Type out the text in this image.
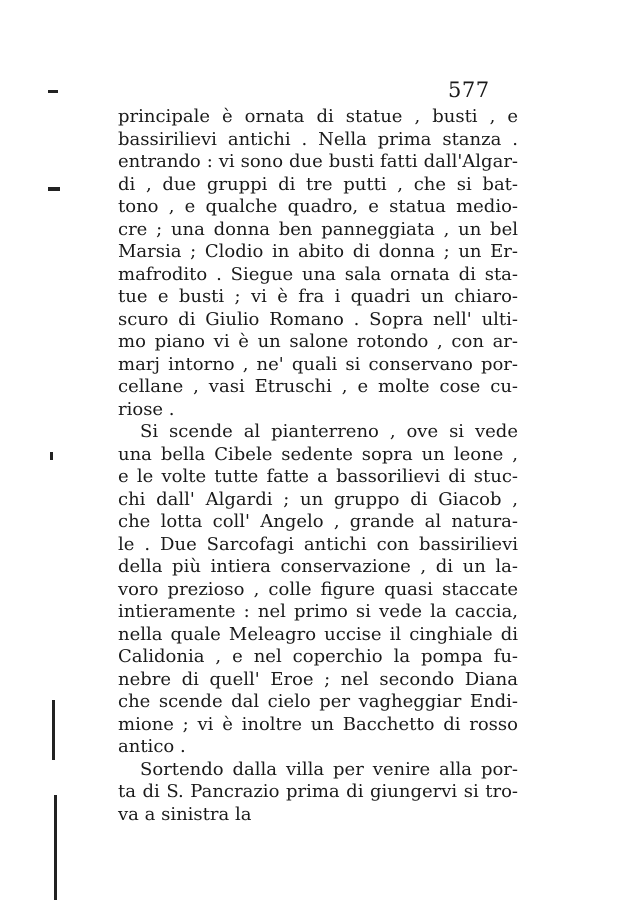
577
principale è ornata di statue , busti , e
bassirilievi antichi . Nella prima stanza .
entrando : vi sono due busti fatti dall'Algar-
di , due gruppi di tre putti , che si bat-
tono , e qualche quadro, e statua medio-
cre ; una donna ben panneggiata , un bel
Marsia ; Clodio in abito di donna ; un Er-
mafrodito . Siegue una sala ornata di sta-
tue e busti ; vi è fra i quadri un chiaro-
scuro di Giulio Romano . Sopra nell' ulti-
mo piano vi è un salone rotondo , con ar-
marj intorno , ne' quali si conservano por-
cellane , vasi Etruschi , e molte cose cu-
riose .
Si scende al pianterreno , ove si vede
una bella Cibele sedente sopra un leone ,
e le volte tutte fatte a bassorilievi di stuc-
chi dall' Algardi ; un gruppo di Giacob ,
che lotta coll' Angelo , grande al natura-
le . Due Sarcofagi antichi con bassirilievi
della più intiera conservazione , di un la-
voro prezioso , colle figure quasi staccate
intieramente : nel primo si vede la caccia,
nella quale Meleagro uccise il cinghiale di
Calidonia , e nel coperchio la pompa fu-
nebre di quell' Eroe ; nel secondo Diana
che scende dal cielo per vagheggiar Endi-
mione ; vi è inoltre un Bacchetto di rosso
antico .
Sortendo dalla villa per venire alla por-
ta di S. Pancrazio prima di giungervi si tro-
va a sinistra la
